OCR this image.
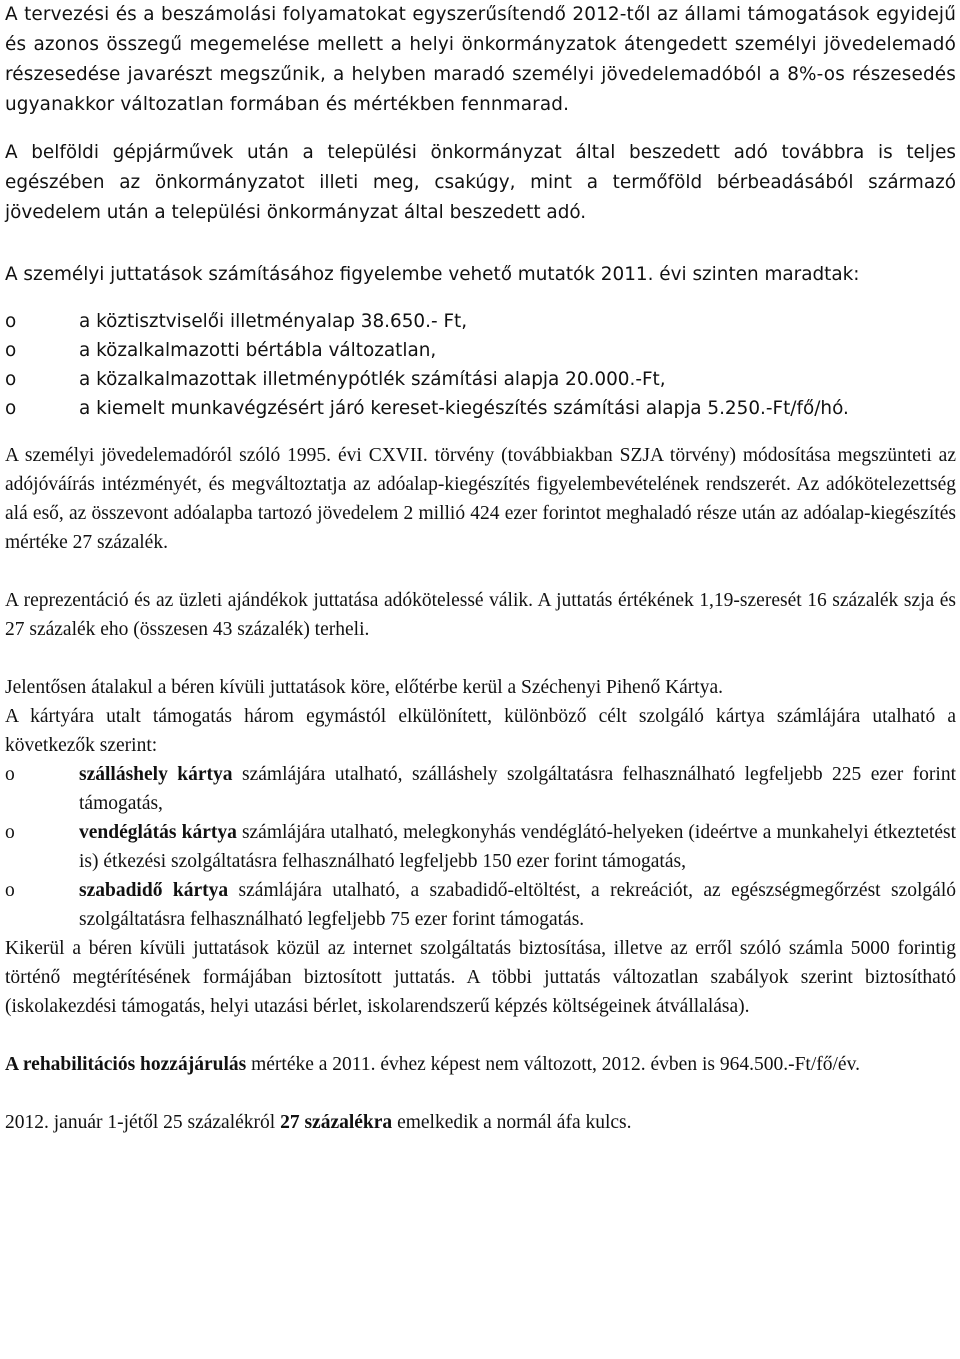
A tervezési és a beszámolási folyamatokat egyszerűsítendő 2012-től az állami támogatások egyidejű és azonos összegű megemelése mellett a helyi önkormányzatok átengedett személyi jövedelemadó részesedése javarészt megszűnik, a helyben maradó személyi jövedelemadóból a 8%-os részesedés ugyanakkor változatlan formában és mértékben fennmarad.

A belföldi gépjárművek után a települési önkormányzat által beszedett adó továbbra is teljes egészében az önkormányzatot illeti meg, csakúgy, mint a termőföld bérbeadásából származó jövedelem után a települési önkormányzat által beszedett adó.

A személyi juttatások számításához figyelembe vehető mutatók 2011. évi szinten maradtak:

o a köztisztviselői illetményalap 38.650.- Ft,
o a közalkalmazotti bértábla változatlan,
o a közalkalmazottak illetménypótlék számítási alapja 20.000.-Ft,
o a kiemelt munkavégzésért járó kereset-kiegészítés számítási alapja 5.250.-Ft/fő/hó.

A személyi jövedelemadóról szóló 1995. évi CXVII. törvény (továbbiakban SZJA törvény) módosítása megszünteti az adójóváírás intézményét, és megváltoztatja az adóalap-kiegészítés figyelembevételének rendszerét. Az adókötelezettség alá eső, az összevont adóalapba tartozó jövedelem 2 millió 424 ezer forintot meghaladó része után az adóalap-kiegészítés mértéke 27 százalék.

A reprezentáció és az üzleti ajándékok juttatása adókötelessé válik. A juttatás értékének 1,19-szeresét 16 százalék szja és 27 százalék eho (összesen 43 százalék) terheli.

Jelentősen átalakul a béren kívüli juttatások köre, előtérbe kerül a Széchenyi Pihenő Kártya.

A kártyára utalt támogatás három egymástól elkülönített, különböző célt szolgáló kártya számlájára utalható a következők szerint:

o szálláshely kártya számlájára utalható, szálláshely szolgáltatásra felhasználható legfeljebb 225 ezer forint támogatás,
o vendéglátás kártya számlájára utalható, melegkonyhás vendéglátó-helyeken (ideértve a munkahelyi étkeztetést is) étkezési szolgáltatásra felhasználható legfeljebb 150 ezer forint támogatás,
o szabadidő kártya számlájára utalható, a szabadidő-eltöltést, a rekreációt, az egészségmegőrzést szolgáló szolgáltatásra felhasználható legfeljebb 75 ezer forint támogatás.

Kikerül a béren kívüli juttatások közül az internet szolgáltatás biztosítása, illetve az erről szóló számla 5000 forintig történő megtérítésének formájában biztosított juttatás. A többi juttatás változatlan szabályok szerint biztosítható (iskolakezdési támogatás, helyi utazási bérlet, iskolarendszerű képzés költségeinek átvállalása).

A rehabilitációs hozzájárulás mértéke a 2011. évhez képest nem változott, 2012. évben is 964.500.-Ft/fő/év.

2012. január 1-jétől 25 százalékról 27 százalékra emelkedik a normál áfa kulcs.
